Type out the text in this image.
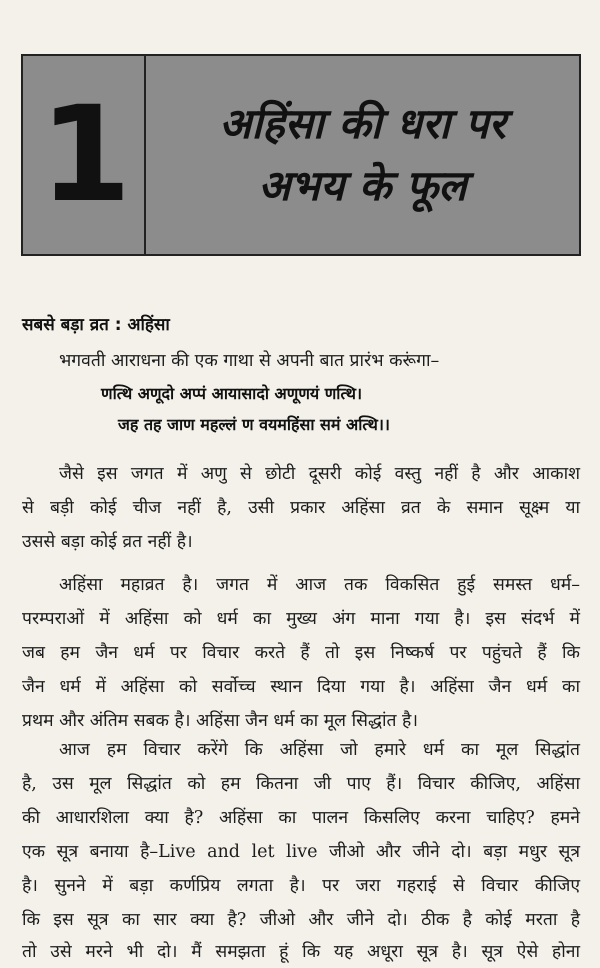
1 अहिंसा की धरा पर
अभय के फूल
सबसे बड़ा व्रत : अहिंसा
भगवती आराधना की एक गाथा से अपनी बात प्रारंभ करूंगा–
णत्थि अणूदो अप्पं आयासादो अणूणयं णत्थि।
जह तह जाण महल्लं ण वयमहिंसा समं अत्थि।।
जैसे इस जगत में अणु से छोटी दूसरी कोई वस्तु नहीं है और आकाश
से बड़ी कोई चीज नहीं है, उसी प्रकार अहिंसा व्रत के समान सूक्ष्म या
उससे बड़ा कोई व्रत नहीं है।
अहिंसा महाव्रत है। जगत में आज तक विकसित हुई समस्त धर्म–
परम्पराओं में अहिंसा को धर्म का मुख्य अंग माना गया है। इस संदर्भ में
जब हम जैन धर्म पर विचार करते हैं तो इस निष्कर्ष पर पहुंचते हैं कि
जैन धर्म में अहिंसा को सर्वोच्च स्थान दिया गया है। अहिंसा जैन धर्म का
प्रथम और अंतिम सबक है। अहिंसा जैन धर्म का मूल सिद्धांत है।
आज हम विचार करेंगे कि अहिंसा जो हमारे धर्म का मूल सिद्धांत
है, उस मूल सिद्धांत को हम कितना जी पाए हैं। विचार कीजिए, अहिंसा
की आधारशिला क्या है? अहिंसा का पालन किसलिए करना चाहिए? हमने
एक सूत्र बनाया है–Live and let live जीओ और जीने दो। बड़ा मधुर सूत्र
है। सुनने में बड़ा कर्णप्रिय लगता है। पर जरा गहराई से विचार कीजिए
कि इस सूत्र का सार क्या है? जीओ और जीने दो। ठीक है कोई मरता है
तो उसे मरने भी दो। मैं समझता हूं कि यह अधूरा सूत्र है। सूत्र ऐसे होना
